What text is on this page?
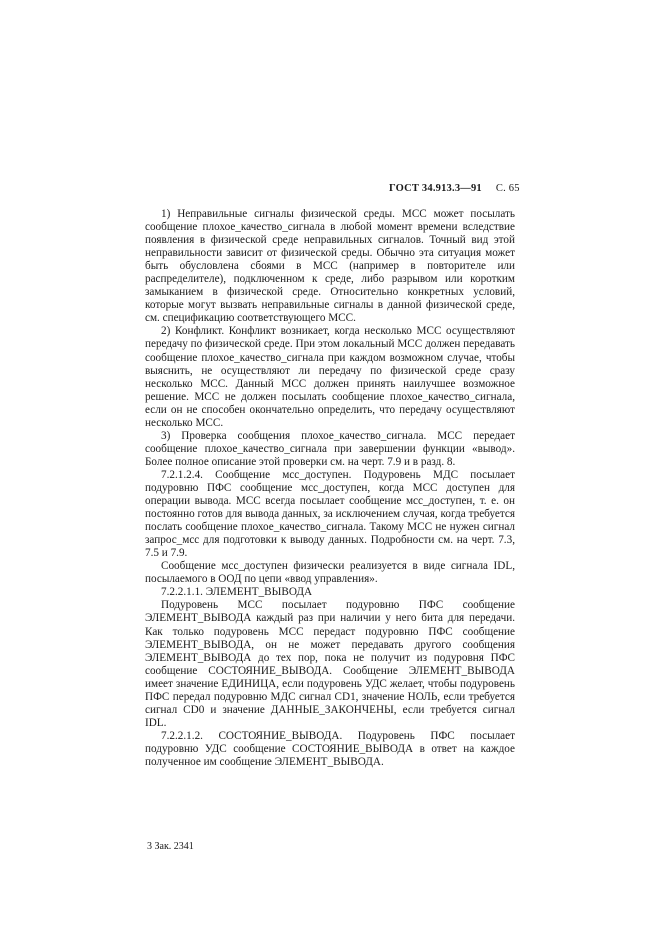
ГОСТ 34.913.3—91 С. 65

1) Неправильные сигналы физической среды. МСС может посылать сообщение плохое_качество_сигнала в любой момент времени вследствие появления в физической среде неправильных сигналов. Точный вид этой неправильности зависит от физической среды. Обычно эта ситуация может быть обусловлена сбоями в МСС (например в повторителе или распределителе), подключенном к среде, либо разрывом или коротким замыканием в физической среде. Относительно конкретных условий, которые могут вызвать неправильные сигналы в данной физической среде, см. спецификацию соответствующего МСС.

2) Конфликт. Конфликт возникает, когда несколько МСС осуществляют передачу по физической среде. При этом локальный МСС должен передавать сообщение плохое_качество_сигнала при каждом возможном случае, чтобы выяснить, не осуществляют ли передачу по физической среде сразу несколько МСС. Данный МСС должен принять наилучшее возможное решение. МСС не должен посылать сообщение плохое_качество_сигнала, если он не способен окончательно определить, что передачу осуществляют несколько МСС.

3) Проверка сообщения плохое_качество_сигнала. МСС передает сообщение плохое_качество_сигнала при завершении функции «вывод». Более полное описание этой проверки см. на черт. 7.9 и в разд. 8.

7.2.1.2.4. Сообщение мсс_доступен. Подуровень МДС посылает подуровню ПФС сообщение мсс_доступен, когда МСС доступен для операции вывода. МСС всегда посылает сообщение мсс_доступен, т. е. он постоянно готов для вывода данных, за исключением случая, когда требуется послать сообщение плохое_качество_сигнала. Такому МСС не нужен сигнал запрос_мсс для подготовки к выводу данных. Подробности см. на черт. 7.3, 7.5 и 7.9.

Сообщение мсс_доступен физически реализуется в виде сигнала IDL, посылаемого в ООД по цепи «ввод управления».

7.2.2.1.1. ЭЛЕМЕНТ_ВЫВОДА

Подуровень МСС посылает подуровню ПФС сообщение ЭЛЕМЕНТ_ВЫВОДА каждый раз при наличии у него бита для передачи. Как только подуровень МСС передаст подуровню ПФС сообщение ЭЛЕМЕНТ_ВЫВОДА, он не может передавать другого сообщения ЭЛЕМЕНТ_ВЫВОДА до тех пор, пока не получит из подуровня ПФС сообщение СОСТОЯНИЕ_ВЫВОДА. Сообщение ЭЛЕМЕНТ_ВЫВОДА имеет значение ЕДИНИЦА, если подуровень УДС желает, чтобы подуровень ПФС передал подуровню МДС сигнал CD1, значение НОЛЬ, если требуется сигнал CD0 и значение ДАННЫЕ_ЗАКОНЧЕНЫ, если требуется сигнал IDL.

7.2.2.1.2. СОСТОЯНИЕ_ВЫВОДА. Подуровень ПФС посылает подуровню УДС сообщение СОСТОЯНИЕ_ВЫВОДА в ответ на каждое полученное им сообщение ЭЛЕМЕНТ_ВЫВОДА.

3 Зак. 2341
